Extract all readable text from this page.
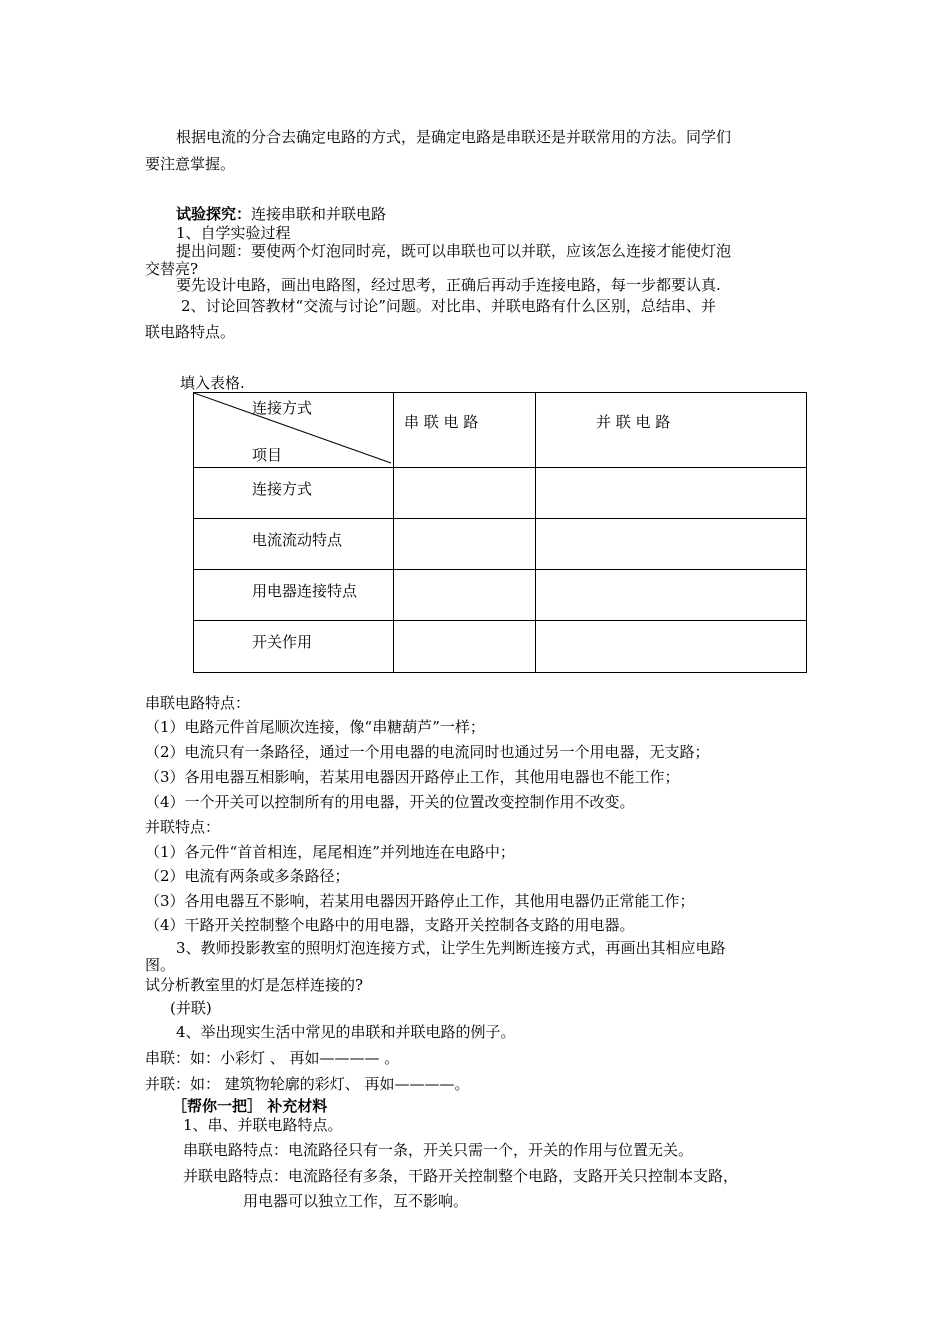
根据电流的分合去确定电路的方式，是确定电路是串联还是并联常用的方法。同学们
要注意掌握。
试验探究：连接串联和并联电路
1、自学实验过程
提出问题：要使两个灯泡同时亮，既可以串联也可以并联，应该怎么连接才能使灯泡
交替亮?
要先设计电路，画出电路图，经过思考，正确后再动手连接电路，每一步都要认真.
2、讨论回答教材“交流与讨论”问题。对比串、并联电路有什么区别，总结串、并
联电路特点。
填入表格.
连接方式
项目	串 联 电 路	并 联 电 路

连接方式		

电流流动特点		

用电器连接特点		

开关作用		

串联电路特点：
（1）电路元件首尾顺次连接，像“串糖葫芦”一样；
（2）电流只有一条路径，通过一个用电器的电流同时也通过另一个用电器，无支路；
（3）各用电器互相影响，若某用电器因开路停止工作，其他用电器也不能工作；
（4）一个开关可以控制所有的用电器，开关的位置改变控制作用不改变。
并联特点：
（1）各元件“首首相连，尾尾相连”并列地连在电路中；
（2）电流有两条或多条路径；
（3）各用电器互不影响，若某用电器因开路停止工作，其他用电器仍正常能工作；
（4）干路开关控制整个电路中的用电器，支路开关控制各支路的用电器。
3、教师投影教室的照明灯泡连接方式，让学生先判断连接方式，再画出其相应电路
图。
试分析教室里的灯是怎样连接的?
(并联)
4、举出现实生活中常见的串联和并联电路的例子。
串联：如：小彩灯 、 再如———— 。
并联：如： 建筑物轮廓的彩灯、 再如————。
［帮你一把］ 补充材料
1、串、并联电路特点。
串联电路特点：电流路径只有一条，开关只需一个，开关的作用与位置无关。
并联电路特点：电流路径有多条，干路开关控制整个电路，支路开关只控制本支路，
用电器可以独立工作，互不影响。
